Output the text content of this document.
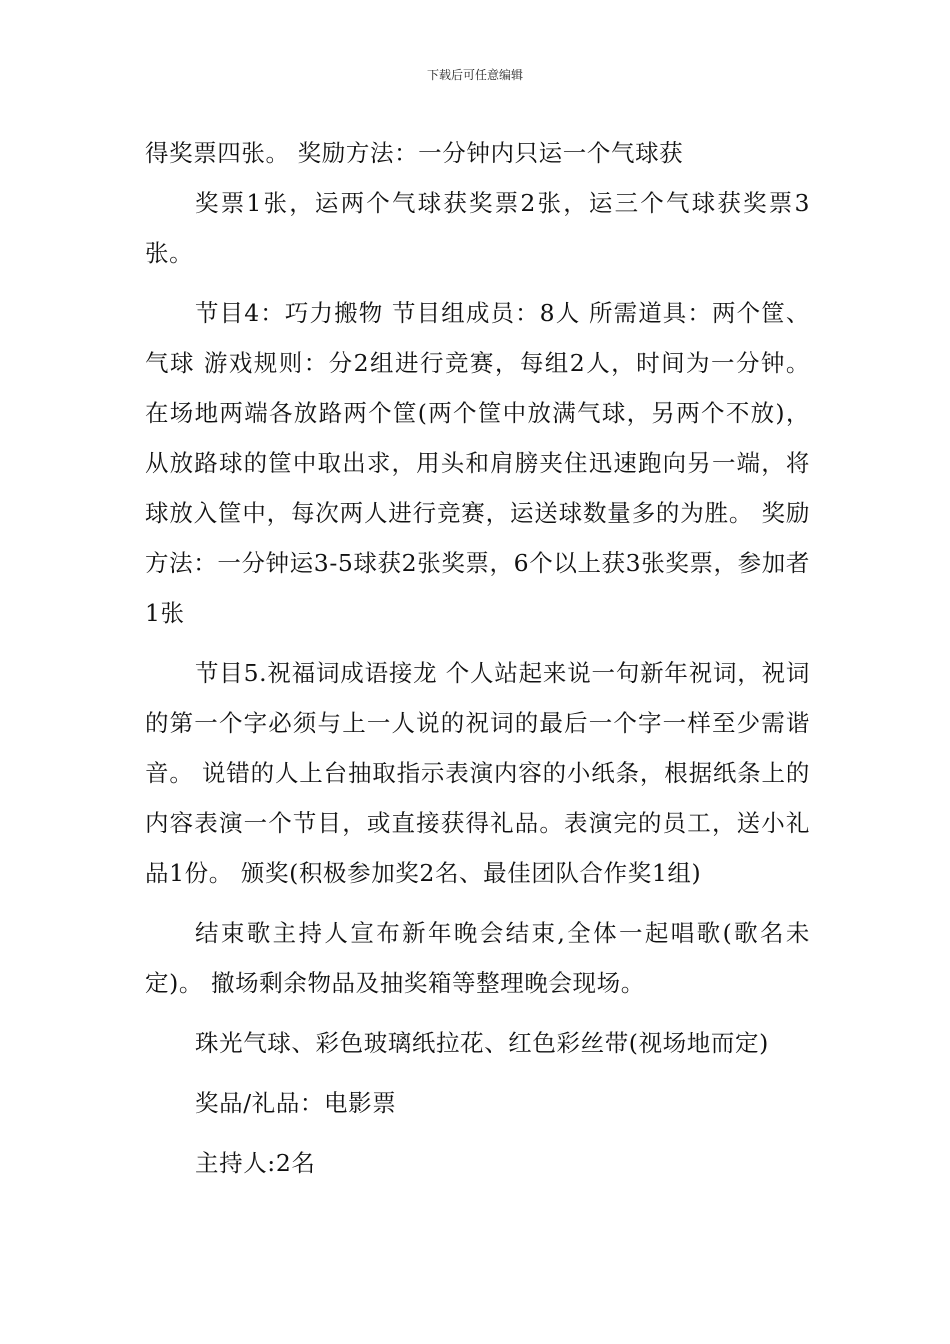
下载后可任意编辑

得奖票四张。 奖励方法：一分钟内只运一个气球获

奖票1张，运两个气球获奖票2张，运三个气球获奖票3张。

节目4：巧力搬物 节目组成员：8人 所需道具：两个筐、气球 游戏规则：分2组进行竞赛，每组2人，时间为一分钟。在场地两端各放路两个筐(两个筐中放满气球，另两个不放)，从放路球的筐中取出求，用头和肩膀夹住迅速跑向另一端，将球放入筐中，每次两人进行竞赛，运送球数量多的为胜。 奖励方法：一分钟运3-5球获2张奖票，6个以上获3张奖票，参加者1张

节目5.祝福词成语接龙 个人站起来说一句新年祝词，祝词的第一个字必须与上一人说的祝词的最后一个字一样至少需谐音。 说错的人上台抽取指示表演内容的小纸条，根据纸条上的内容表演一个节目，或直接获得礼品。表演完的员工，送小礼品1份。 颁奖(积极参加奖2名、最佳团队合作奖1组)

结束歌主持人宣布新年晚会结束,全体一起唱歌(歌名未定)。 撤场剩余物品及抽奖箱等整理晚会现场。

珠光气球、彩色玻璃纸拉花、红色彩丝带(视场地而定)

奖品/礼品：电影票

主持人:2名
